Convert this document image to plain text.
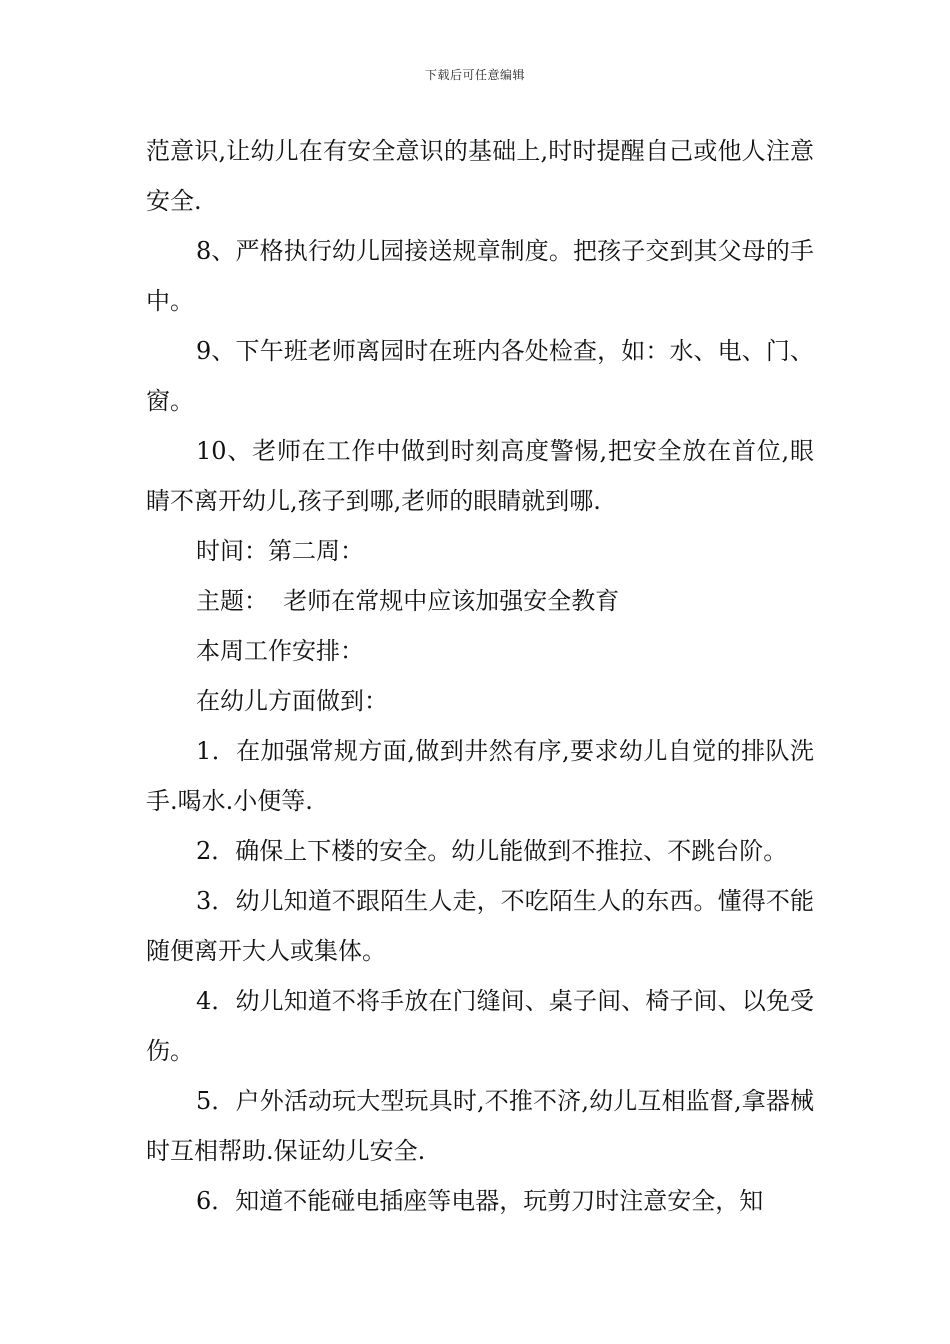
下载后可任意编辑

范意识,让幼儿在有安全意识的基础上,时时提醒自己或他人注意安全.

8、严格执行幼儿园接送规章制度。把孩子交到其父母的手中。

9、下午班老师离园时在班内各处检查，如：水、电、门、窗。

10、老师在工作中做到时刻高度警惕,把安全放在首位,眼睛不离开幼儿,孩子到哪,老师的眼睛就到哪.

时间：第二周：

主题：  老师在常规中应该加强安全教育

本周工作安排：

在幼儿方面做到：

1．在加强常规方面,做到井然有序,要求幼儿自觉的排队洗手.喝水.小便等.

2．确保上下楼的安全。幼儿能做到不推拉、不跳台阶。

3．幼儿知道不跟陌生人走，不吃陌生人的东西。懂得不能随便离开大人或集体。

4．幼儿知道不将手放在门缝间、桌子间、椅子间、以免受伤。

5．户外活动玩大型玩具时,不推不济,幼儿互相监督,拿器械时互相帮助.保证幼儿安全.

6．知道不能碰电插座等电器，玩剪刀时注意安全，知
